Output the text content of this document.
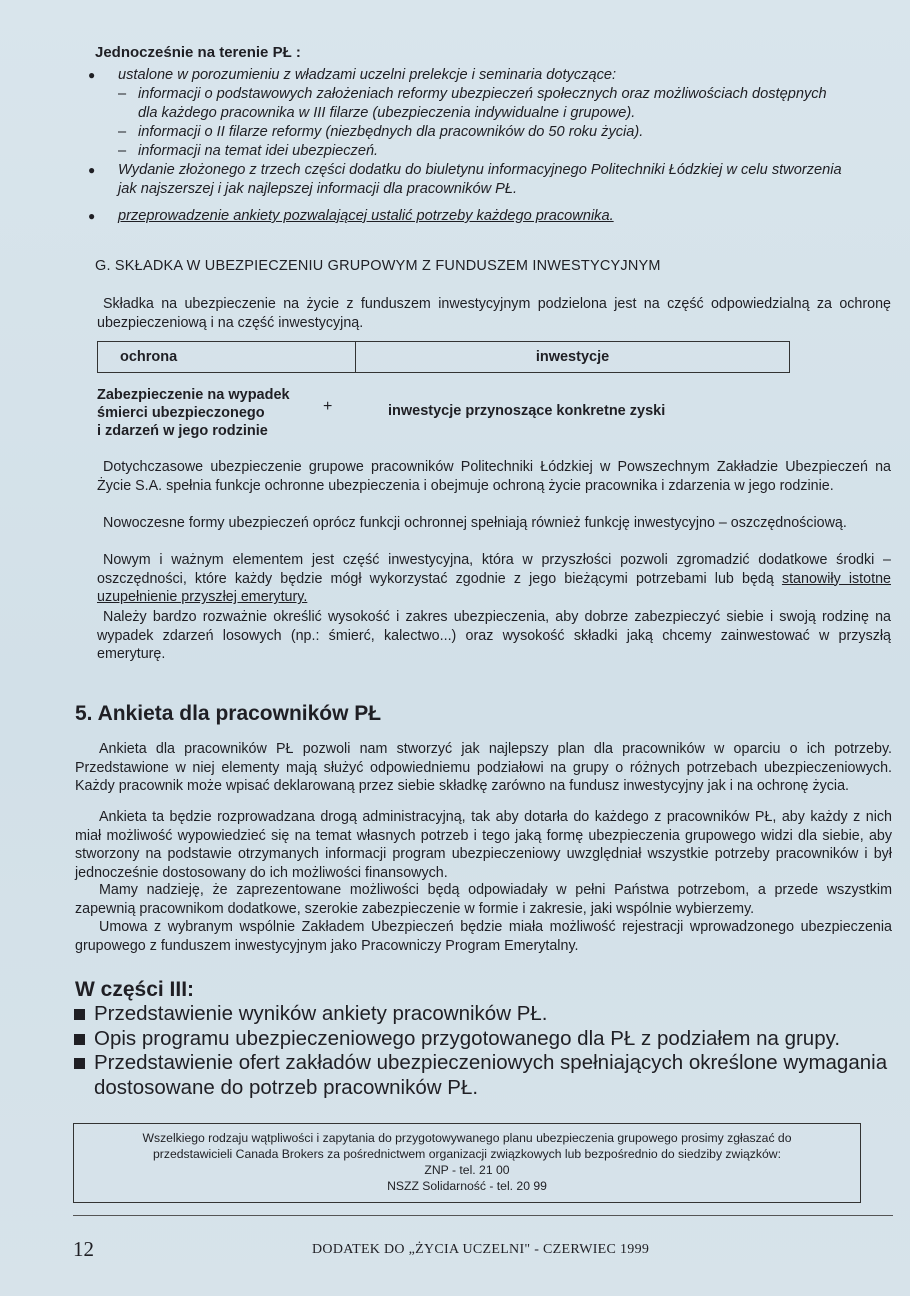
Jednocześnie na terenie PŁ :
● ustalone w porozumieniu z władzami uczelni prelekcje i seminaria dotyczące:
– informacji o podstawowych założeniach reformy ubezpieczeń społecznych oraz możliwościach dostępnych dla każdego pracownika w III filarze (ubezpieczenia indywidualne i grupowe).
– informacji o II filarze reformy (niezbędnych dla pracowników do 50 roku życia).
– informacji na temat idei ubezpieczeń.
● Wydanie złożonego z trzech części dodatku do biuletynu informacyjnego Politechniki Łódzkiej w celu stworzenia jak najszerszej i jak najlepszej informacji dla pracowników PŁ.
● przeprowadzenie ankiety pozwalającej ustalić potrzeby każdego pracownika.
G. SKŁADKA W UBEZPIECZENIU GRUPOWYM Z FUNDUSZEM INWESTYCYJNYM

Składka na ubezpieczenie na życie z funduszem inwestycyjnym podzielona jest na część odpowiedzialną za ochronę ubezpieczeniową i na część inwestycyjną.

ochrona	inwestycje
Zabezpieczenie na wypadek
śmierci ubezpieczonego
i zdarzeń w jego rodzinie
+	inwestycje przynoszące konkretne zyski

Dotychczasowe ubezpieczenie grupowe pracowników Politechniki Łódzkiej w Powszechnym Zakładzie Ubezpieczeń na Życie S.A. spełnia funkcje ochronne ubezpieczenia i obejmuje ochroną życie pracownika i zdarzenia w jego rodzinie.

Nowoczesne formy ubezpieczeń oprócz funkcji ochronnej spełniają również funkcję inwestycyjno – oszczędnościową.

Nowym i ważnym elementem jest część inwestycyjna, która w przyszłości pozwoli zgromadzić dodatkowe środki – oszczędności, które każdy będzie mógł wykorzystać zgodnie z jego bieżącymi potrzebami lub będą stanowiły istotne uzupełnienie przyszłej emerytury.

Należy bardzo rozważnie określić wysokość i zakres ubezpieczenia, aby dobrze zabezpieczyć siebie i swoją rodzinę na wypadek zdarzeń losowych (np.: śmierć, kalectwo...) oraz wysokość składki jaką chcemy zainwestować w przyszłą emeryturę.

5. Ankieta dla pracowników PŁ

Ankieta dla pracowników PŁ pozwoli nam stworzyć jak najlepszy plan dla pracowników w oparciu o ich potrzeby. Przedstawione w niej elementy mają służyć odpowiedniemu podziałowi na grupy o różnych potrzebach ubezpieczeniowych. Każdy pracownik może wpisać deklarowaną przez siebie składkę zarówno na fundusz inwestycyjny jak i na ochronę życia.

Ankieta ta będzie rozprowadzana drogą administracyjną, tak aby dotarła do każdego z pracowników PŁ, aby każdy z nich miał możliwość wypowiedzieć się na temat własnych potrzeb i tego jaką formę ubezpieczenia grupowego widzi dla siebie, aby stworzony na podstawie otrzymanych informacji program ubezpieczeniowy uwzględniał wszystkie potrzeby pracowników i był jednocześnie dostosowany do ich możliwości finansowych.

Mamy nadzieję, że zaprezentowane możliwości będą odpowiadały w pełni Państwa potrzebom, a przede wszystkim zapewnią pracownikom dodatkowe, szerokie zabezpieczenie w formie i zakresie, jaki wspólnie wybierzemy.

Umowa z wybranym wspólnie Zakładem Ubezpieczeń będzie miała możliwość rejestracji wprowadzonego ubezpieczenia grupowego z funduszem inwestycyjnym jako Pracowniczy Program Emerytalny.

W części III:
Przedstawienie wyników ankiety pracowników PŁ.
Opis programu ubezpieczeniowego przygotowanego dla PŁ z podziałem na grupy.
Przedstawienie ofert zakładów ubezpieczeniowych spełniających określone wymagania dostosowane do potrzeb pracowników PŁ.
Wszelkiego rodzaju wątpliwości i zapytania do przygotowywanego planu ubezpieczenia grupowego prosimy zgłaszać do
przedstawicieli Canada Brokers za pośrednictwem organizacji związkowych lub bezpośrednio do siedziby związków:
ZNP - tel. 21 00
NSZZ Solidarność - tel. 20 99
12	DODATEK DO „ŻYCIA UCZELNI" - CZERWIEC 1999
